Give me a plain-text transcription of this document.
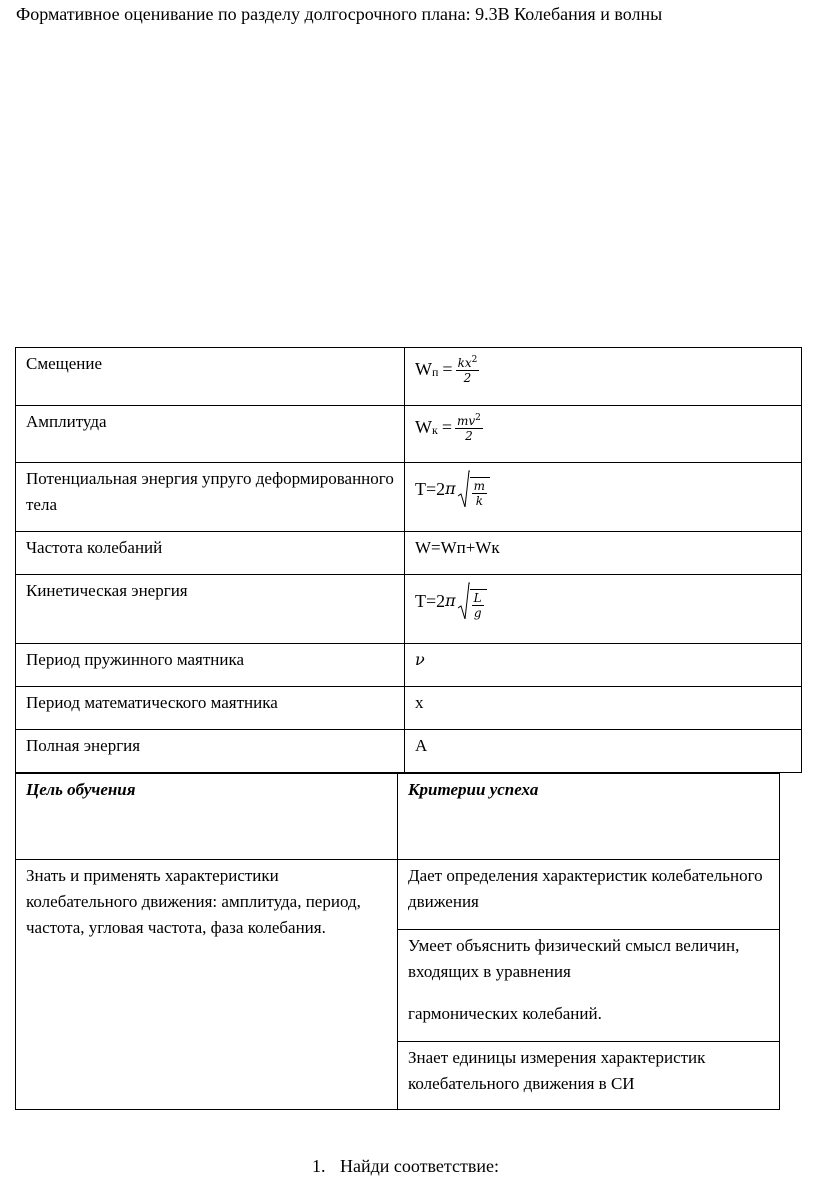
Формативное оценивание по разделу долгосрочного плана: 9.3В Колебания и волны
Смещение	W $п = \frac{kx^2}{2}$

Амплитуда	W $к = \frac{mv^2}{2}$

Потенциальная энергия упруго деформированного тела	T=2 π $\frac{m}{k}$

Частота колебаний	W=Wп+Wк
Кинетическая энергия	T=2 π $\frac{L}{g}$

Период пружинного маятника	ν
Период математического маятника	x
Полная энергия	A
Цель обучения	Критерии успеха
Знать и применять характеристики колебательного движения: амплитуда, период, частота, угловая частота, фаза колебания.	Дает определения характеристик колебательного движения

	Умеет объяснить физический смысл величин, входящих в уравнения
гармонических колебаний.

	Знает единицы измерения характеристик колебательного движения в СИ
1. Найди соответствие:
